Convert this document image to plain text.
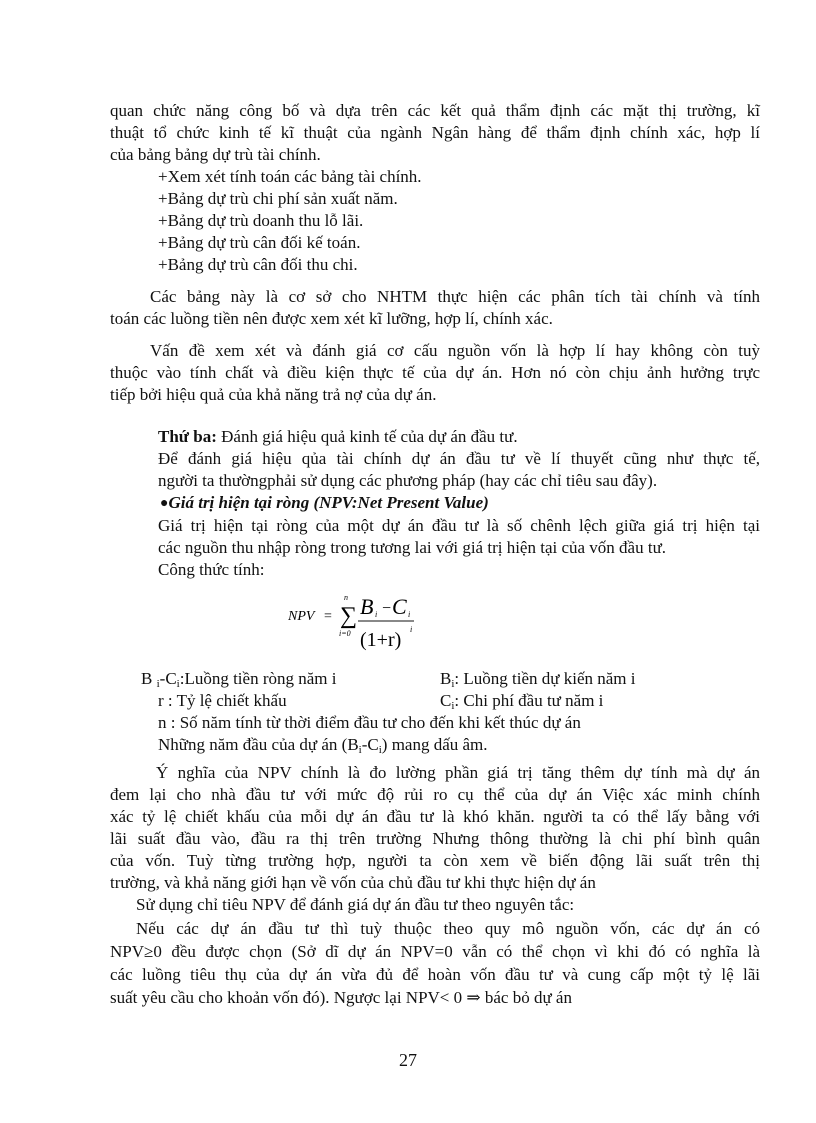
quan chức năng công bố và dựa trên các kết quả thẩm định các mặt thị trường, kĩ
thuật tổ chức kinh tế kĩ thuật của ngành Ngân hàng để thẩm định chính xác, hợp lí
của bảng bảng dự trù tài chính.
+Xem xét tính toán các bảng tài chính.
+Bảng dự trù chi phí sản xuất năm.
+Bảng dự trù doanh thu lỗ lãi.
+Bảng dự trù cân đối kế toán.
+Bảng dự trù cân đối thu chi.
Các bảng này là cơ sở cho NHTM thực hiện các phân tích tài chính và tính
toán các luồng tiền nên được xem xét kĩ lưỡng, hợp lí, chính xác.
Vấn đề xem xét và đánh giá cơ cấu nguồn vốn là hợp lí hay không còn tuỳ
thuộc vào tính chất và điều kiện thực tế của dự án. Hơn nó còn chịu ảnh hưởng trực
tiếp bởi hiệu quả của khả năng trả nợ của dự án.
Thứ ba: Đánh giá hiệu quả kinh tế của dự án đầu tư.
Để đánh giá hiệu qủa tài chính dự án đầu tư về lí thuyết cũng như thực tế,
người ta thườngphải sử dụng các phương pháp (hay các chỉ tiêu sau đây).
●Giá trị hiện tại ròng (NPV:Net Present Value)
Giá trị hiện tại ròng của một dự án đầu tư là số chênh lệch giữa giá trị hiện tại
các nguồn thu nhập ròng trong tương lai với giá trị hiện tại của vốn đầu tư.
Công thức tính:
NPV = ∑
n
i=0
B i − C i
(1+r) i
B $_i-C_i:Luồng$ tiền ròng năm i	$B_i$: Luồng tiền dự kiến năm i
r : Tỷ lệ chiết khấu	$C_i$: Chi phí đầu tư năm i
n : Số năm tính từ thời điểm đầu tư cho đến khi kết thúc dự án
Những năm đầu của dự án $(B_i-C_i)$ mang dấu âm.
Ý nghĩa của NPV chính là đo lường phần giá trị tăng thêm dự tính mà dự án
đem lại cho nhà đầu tư với mức độ rủi ro cụ thể của dự án Việc xác minh chính
xác tỷ lệ chiết khấu của mỗi dự án đầu tư là khó khăn. người ta có thể lấy bằng với
lãi suất đầu vào, đầu ra thị trên trường Nhưng thông thường là chi phí bình quân
của vốn. Tuỳ từng trường hợp, người ta còn xem về biến động lãi suất trên thị
trường, và khả năng giới hạn về vốn của chủ đầu tư khi thực hiện dự án
Sử dụng chỉ tiêu NPV để đánh giá dự án đầu tư theo nguyên tắc:
Nếu các dự án đầu tư thì tuỳ thuộc theo quy mô nguồn vốn, các dự án có
NPV≥0 đều được chọn (Sở dĩ dự án NPV=0 vẫn có thể chọn vì khi đó có nghĩa là
các luồng tiêu thụ của dự án vừa đủ để hoàn vốn đầu tư và cung cấp một tỷ lệ lãi
suất yêu cầu cho khoản vốn đó). Ngược lại NPV< 0 ⇒ bác bỏ dự án
27
